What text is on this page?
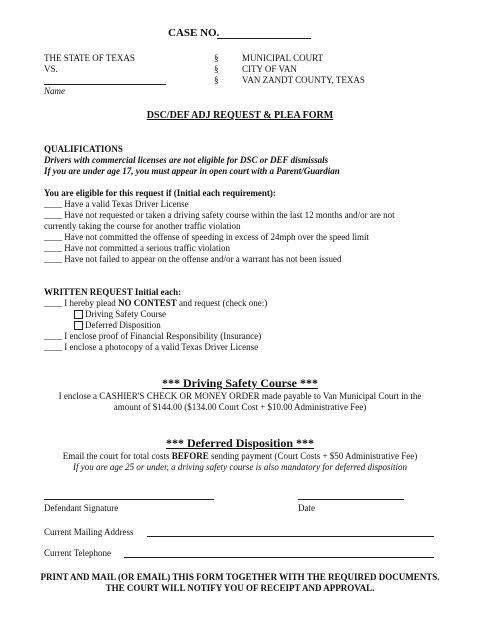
CASE NO.
THE STATE OF TEXAS
VS.
Name
§
§
§
MUNICIPAL COURT
CITY OF VAN
VAN ZANDT COUNTY, TEXAS
DSC/DEF ADJ REQUEST & PLEA FORM
QUALIFICATIONS
Drivers with commercial licenses are not eligible for DSC or DEF dismissals
If you are under age 17, you must appear in open court with a Parent/Guardian
You are eligible for this request if (Initial each requirement):
____ Have a valid Texas Driver License
____ Have not requested or taken a driving safety course within the last 12 months and/or are not
currently taking the course for another traffic violation
____ Have not committed the offense of speeding in excess of 24mph over the speed limit
____ Have not committed a serious traffic violation
____ Have not failed to appear on the offense and/or a warrant has not been issued
WRITTEN REQUEST Initial each:
____ I hereby plead NO CONTEST and request (check one:)
Driving Safety Course
Deferred Disposition
____ I enclose proof of Financial Responsibility (Insurance)
____ I enclose a photocopy of a valid Texas Driver License
*** Driving Safety Course ***
I enclose a CASHIER'S CHECK OR MONEY ORDER made payable to Van Municipal Court in the
amount of $144.00 ($134.00 Court Cost + $10.00 Administrative Fee)
*** Deferred Disposition ***
Email the court for total costs BEFORE sending payment (Court Costs + $50 Administrative Fee)
If you are age 25 or under, a driving safety course is also mandatory for deferred disposition
Defendant Signature	Date
Current Mailing Address
Current Telephone
PRINT AND MAIL (OR EMAIL) THIS FORM TOGETHER WITH THE REQUIRED DOCUMENTS.
THE COURT WILL NOTIFY YOU OF RECEIPT AND APPROVAL.
